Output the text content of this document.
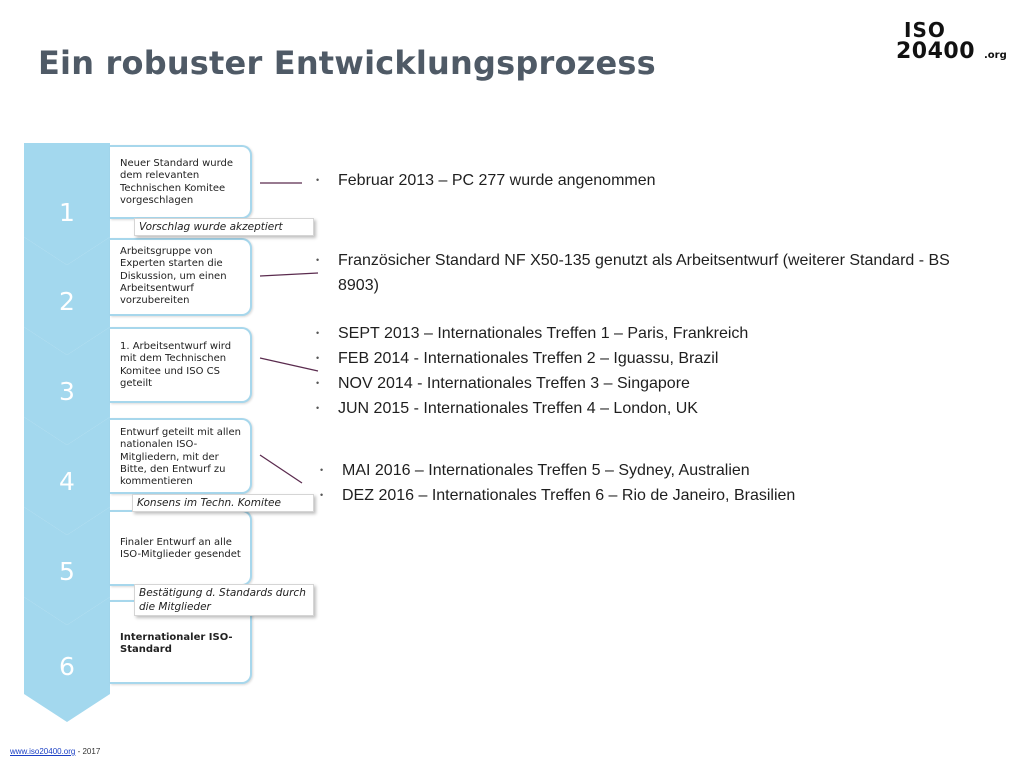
Ein robuster Entwicklungsprozess
ISO
20400 .org
1
2
3
4
5
6
Neuer Standard wurde dem relevanten Technischen Komitee vorgeschlagen
Arbeitsgruppe von Experten starten die Diskussion, um einen Arbeitsentwurf vorzubereiten
1. Arbeitsentwurf wird mit dem Technischen Komitee und ISO CS geteilt
Entwurf geteilt mit allen nationalen ISO-Mitgliedern, mit der Bitte, den Entwurf zu kommentieren
Finaler Entwurf an alle ISO-Mitglieder gesendet
Internationaler ISO-Standard
Vorschlag wurde akzeptiert
Konsens im Techn. Komitee
Bestätigung d. Standards durch die Mitglieder
• Februar 2013 – PC 277 wurde angenommen
• Französicher Standard NF X50-135 genutzt als Arbeitsentwurf (weiterer Standard - BS 8903)
• SEPT 2013 – Internationales Treffen 1 – Paris, Frankreich
• FEB 2014 - Internationales Treffen 2 – Iguassu, Brazil
• NOV 2014 - Internationales Treffen 3 – Singapore
• JUN 2015 - Internationales Treffen 4 – London, UK
• MAI 2016 – Internationales Treffen 5 – Sydney, Australien
• DEZ 2016 – Internationales Treffen 6 – Rio de Janeiro, Brasilien
www.iso20400.org - 2017
